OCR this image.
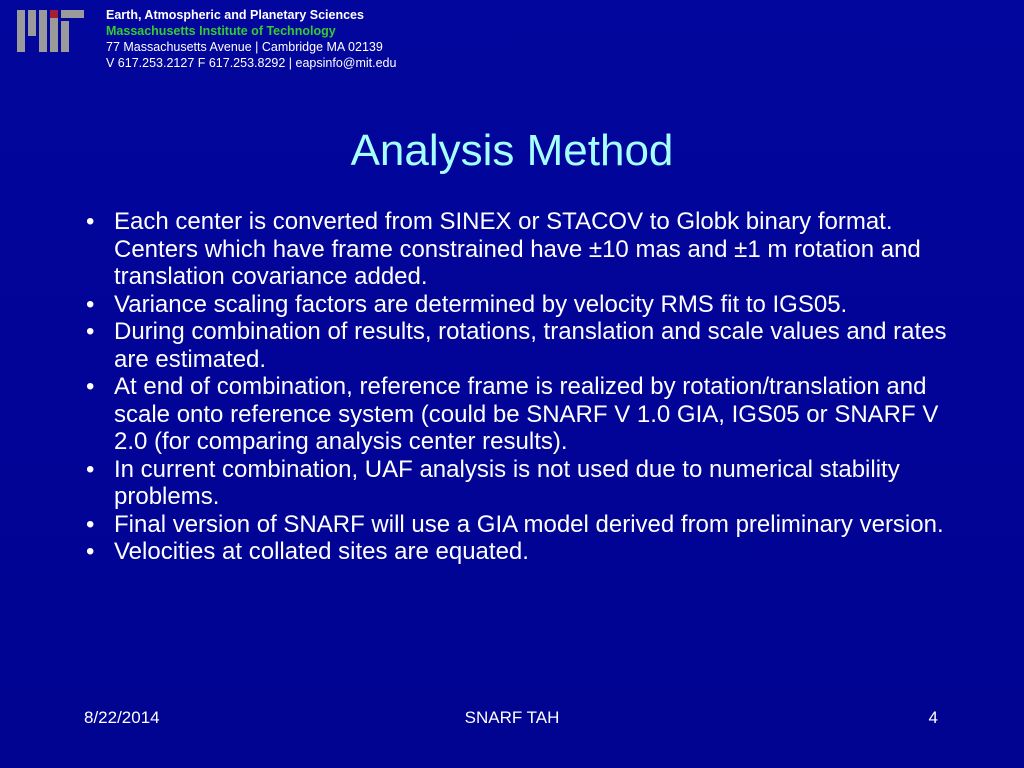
Earth, Atmospheric and Planetary Sciences
Massachusetts Institute of Technology
77 Massachusetts Avenue | Cambridge MA 02139
V 617.253.2127 F 617.253.8292 | eapsinfo@mit.edu
Analysis Method
• Each center is converted from SINEX or STACOV to Globk binary format. Centers which have frame constrained have ±10 mas and ±1 m rotation and translation covariance added.
• Variance scaling factors are determined by velocity RMS fit to IGS05.
• During combination of results, rotations, translation and scale values and rates are estimated.
• At end of combination, reference frame is realized by rotation/translation and scale onto reference system (could be SNARF V 1.0 GIA, IGS05 or SNARF V 2.0 (for comparing analysis center results).
• In current combination, UAF analysis is not used due to numerical stability problems.
• Final version of SNARF will use a GIA model derived from preliminary version.
• Velocities at collated sites are equated.
8/22/2014	SNARF TAH	4
